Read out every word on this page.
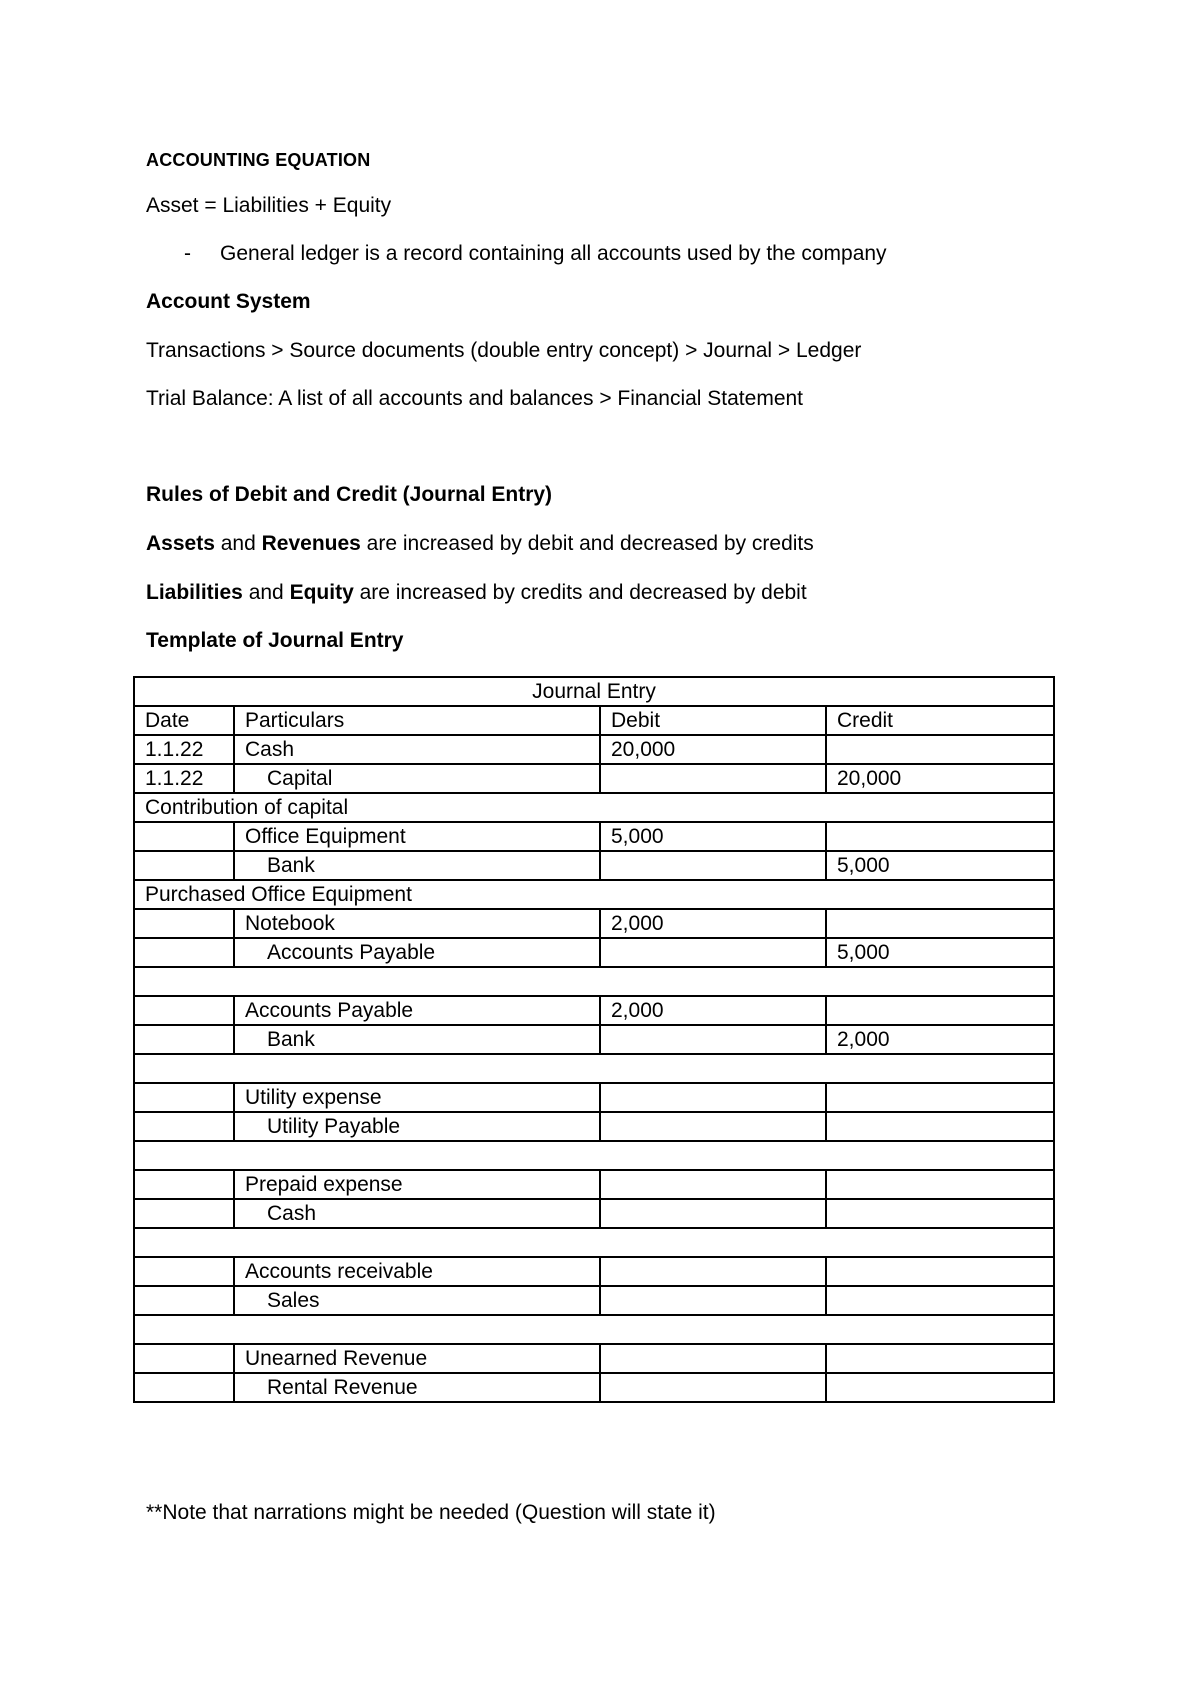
ACCOUNTING EQUATION
Asset = Liabilities + Equity
- General ledger is a record containing all accounts used by the company
Account System
Transactions > Source documents (double entry concept) > Journal > Ledger
Trial Balance: A list of all accounts and balances > Financial Statement
Rules of Debit and Credit (Journal Entry)
Assets and Revenues are increased by debit and decreased by credits
Liabilities and Equity are increased by credits and decreased by debit
Template of Journal Entry
Journal Entry			
Date	Particulars	Debit	Credit
1.1.22	Cash	20,000	
1.1.22	Capital		20,000
Contribution of capital			
	Office Equipment	5,000	
	Bank		5,000
Purchased Office Equipment			
	Notebook	2,000	
	Accounts Payable		5,000

	Accounts Payable	2,000	
	Bank		2,000

	Utility expense		
	Utility Payable		

	Prepaid expense		
	Cash		

	Accounts receivable		
	Sales		

	Unearned Revenue		
	Rental Revenue		
**Note that narrations might be needed (Question will state it)
